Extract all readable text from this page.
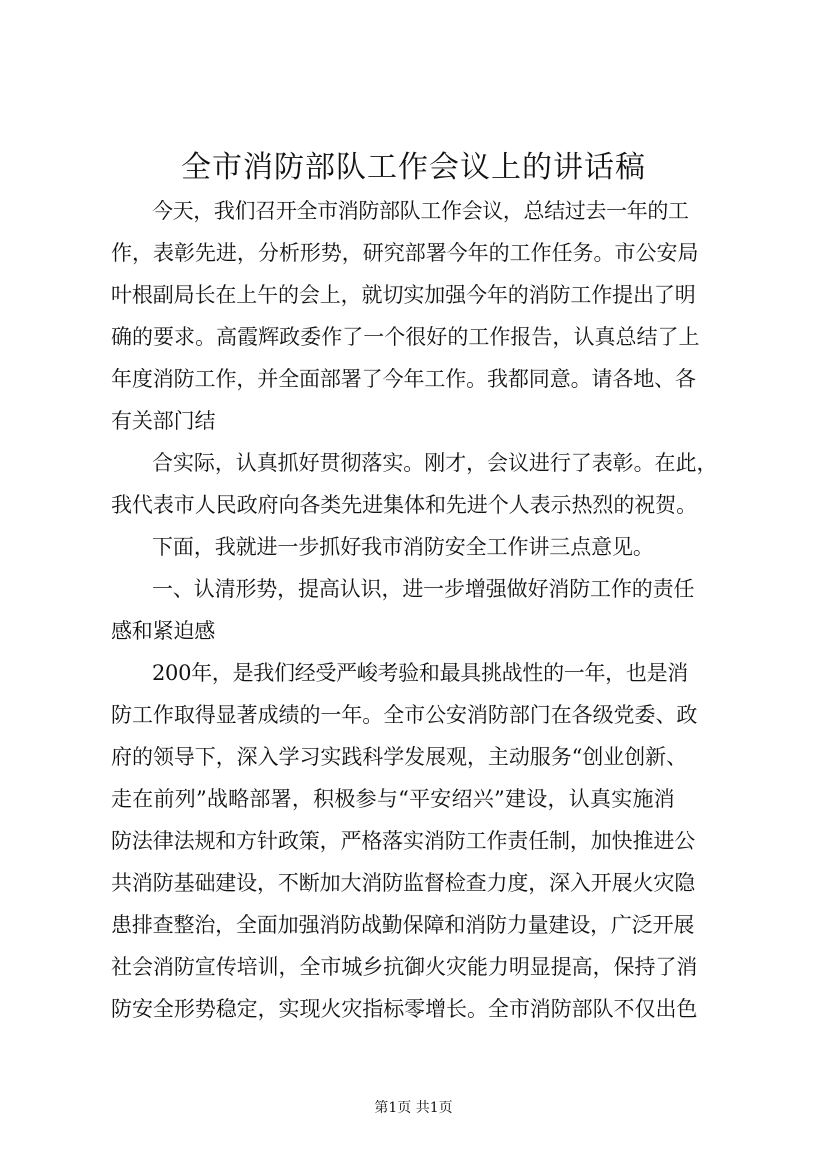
全市消防部队工作会议上的讲话稿
今天，我们召开全市消防部队工作会议，总结过去一年的工
作，表彰先进，分析形势，研究部署今年的工作任务。市公安局
叶根副局长在上午的会上，就切实加强今年的消防工作提出了明
确的要求。高霞辉政委作了一个很好的工作报告，认真总结了上
年度消防工作，并全面部署了今年工作。我都同意。请各地、各
有关部门结
合实际，认真抓好贯彻落实。刚才，会议进行了表彰。在此，
我代表市人民政府向各类先进集体和先进个人表示热烈的祝贺。
下面，我就进一步抓好我市消防安全工作讲三点意见。
一、认清形势，提高认识，进一步增强做好消防工作的责任
感和紧迫感
200年，是我们经受严峻考验和最具挑战性的一年，也是消
防工作取得显著成绩的一年。全市公安消防部门在各级党委、政
府的领导下，深入学习实践科学发展观，主动服务“创业创新、
走在前列”战略部署，积极参与“平安绍兴”建设，认真实施消
防法律法规和方针政策，严格落实消防工作责任制，加快推进公
共消防基础建设，不断加大消防监督检查力度，深入开展火灾隐
患排查整治，全面加强消防战勤保障和消防力量建设，广泛开展
社会消防宣传培训，全市城乡抗御火灾能力明显提高，保持了消
防安全形势稳定，实现火灾指标零增长。全市消防部队不仅出色
第1页 共1页
